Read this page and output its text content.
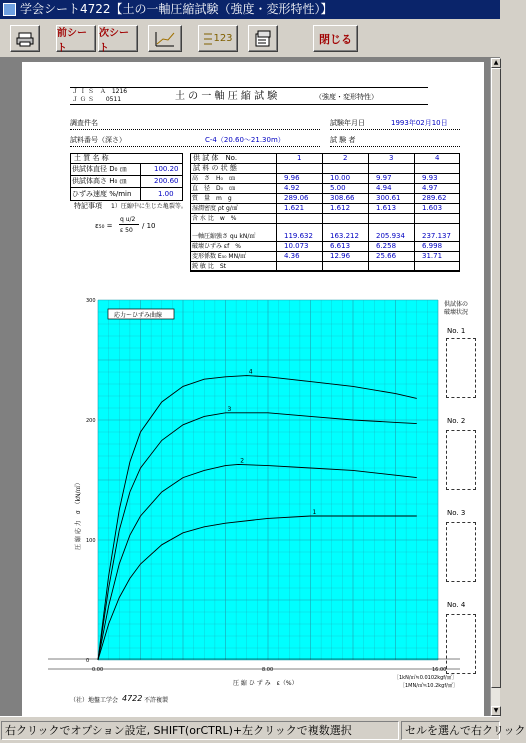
学会シート4722【土の一軸圧縮試験（強度・変形特性）】
前シート
次シート
123	閉じる
Ｊ Ｉ Ｓ　Ａ　1216
Ｊ Ｇ Ｓ　　0511	土 の 一 軸 圧 縮 試 験	（強度・変形特性）
調査件名	試験年月日	1993年02月10日
試料番号（深さ）	C-4（20.60～21.30m）	試 験 者
土 質 名 称
供試体直径 D₀ ㎝	100.20
供試体高さ H₀ ㎝	200.60
ひずみ速度 %/min	1.00
特記事項 1）圧縮中に生じた亀裂等。
ε₅₀ =
q u/2
ε 50
/ 10
供 試 体　No.	1	2	3	4
試 料 の 状 態
高　さ　H₀　㎝	9.96	10.00	9.97	9.93
直　径　D₀　㎝	4.92	5.00	4.94	4.97
質　量　m　g	289.06	308.66	300.61	289.62
湿潤密度 ρt g/㎤	1.621	1.612	1.613	1.603
含 水 比　w　%
一軸圧縮強さ qu kN/㎡	119.632 163.212 205.934 237.137
破壊ひずみ εf　%	10.073	6.613	6.258	6.998
変形係数 E₅₀ MN/㎡	4.36	12.96	25.66	31.71
鋭 敏 比　St
0
100
200
300
0.00	8.00	16.00
1
2
3
4
応力ーひずみ曲線
圧 縮 応 力　σ　（kN/㎡）
圧 縮 ひ ず み　ε（%）
［1kN/㎡≒0.0102kgf/㎠］
［1MN/㎡≒10.2kgf/㎠］
供試体の
破壊状況
No. 1
No. 2
No. 3
No. 4
（社）地盤工学会 4722 不許複製
▲
▼
右クリックでオプション設定, SHIFT(orCTRL)+左クリックで複数選択	セルを選んで右クリック
